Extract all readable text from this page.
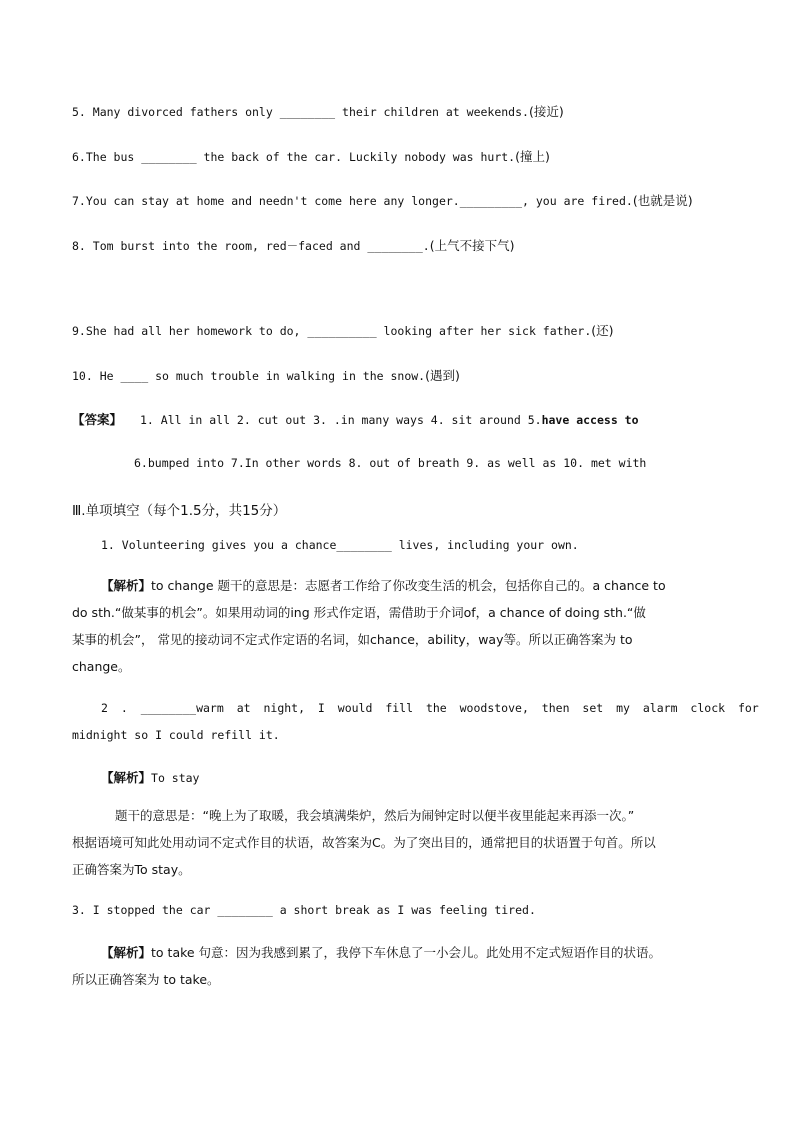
5. Many divorced fathers only ________ their children at weekends.(接近)
6.The bus ________ the back of the car. Luckily nobody was hurt.(撞上)
7.You can stay at home and needn't come here any longer._________, you are fired.(也就是说)
8. Tom burst into the room, red－faced and ________.(上气不接下气)
9.She had all her homework to do, __________ looking after her sick father.(还)
10. He ____ so much trouble in walking in the snow.(遇到)
【答案】 1. All in all 2. cut out 3. .in many ways 4. sit around 5.have access to
6.bumped into 7.In other words 8. out of breath 9. as well as 10. met with
Ⅲ.单项填空（每个1.5分，共15分）
1. Volunteering gives you a chance________ lives, including your own.
【解析】to change 题干的意思是：志愿者工作给了你改变生活的机会，包括你自己的。a chance to
do sth.“做某事的机会”。如果用动词的ing 形式作定语，需借助于介词of，a chance of doing sth.“做
某事的机会”， 常见的接动词不定式作定语的名词，如chance，ability，way等。所以正确答案为 to
change。
2 . ________warm at night, I would fill the woodstove, then set my alarm clock for
midnight so I could refill it.
【解析】To stay
题干的意思是：“晚上为了取暖，我会填满柴炉，然后为闹钟定时以便半夜里能起来再添一次。”
根据语境可知此处用动词不定式作目的状语，故答案为C。为了突出目的，通常把目的状语置于句首。所以
正确答案为To stay。
3. I stopped the car ________ a short break as I was feeling tired.
【解析】to take 句意：因为我感到累了，我停下车休息了一小会儿。此处用不定式短语作目的状语。
所以正确答案为 to take。
